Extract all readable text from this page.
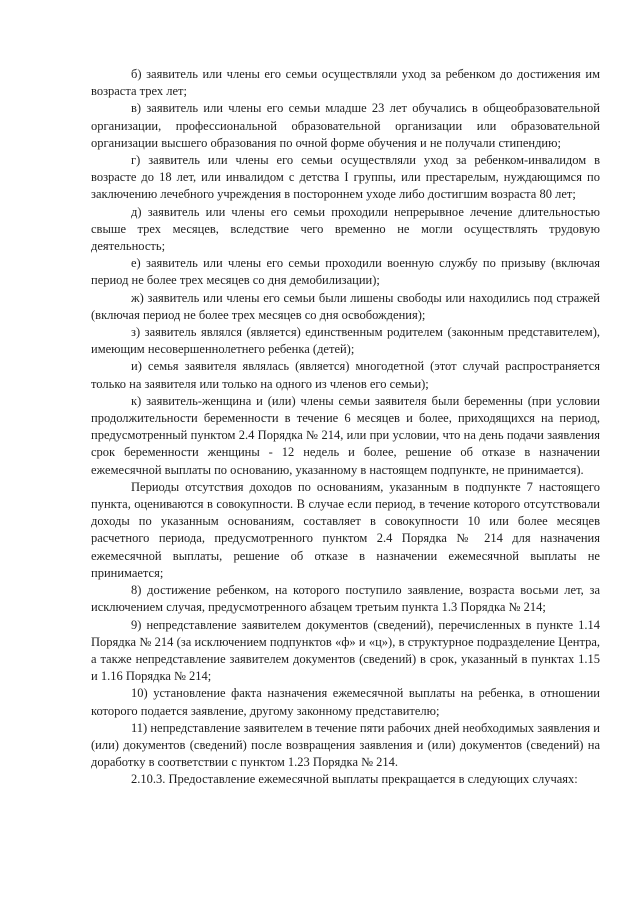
б) заявитель или члены его семьи осуществляли уход за ребенком до достижения им возраста трех лет;

в) заявитель или члены его семьи младше 23 лет обучались в общеобразовательной организации, профессиональной образовательной организации или образовательной организации высшего образования по очной форме обучения и не получали стипендию;

г) заявитель или члены его семьи осуществляли уход за ребенком-инвалидом в возрасте до 18 лет, или инвалидом с детства I группы, или престарелым, нуждающимся по заключению лечебного учреждения в постороннем уходе либо достигшим возраста 80 лет;

д) заявитель или члены его семьи проходили непрерывное лечение длительностью свыше трех месяцев, вследствие чего временно не могли осуществлять трудовую деятельность;

е) заявитель или члены его семьи проходили военную службу по призыву (включая период не более трех месяцев со дня демобилизации);

ж) заявитель или члены его семьи были лишены свободы или находились под стражей (включая период не более трех месяцев со дня освобождения);

з) заявитель являлся (является) единственным родителем (законным представителем), имеющим несовершеннолетнего ребенка (детей);

и) семья заявителя являлась (является) многодетной (этот случай распространяется только на заявителя или только на одного из членов его семьи);

к) заявитель-женщина и (или) члены семьи заявителя были беременны (при условии продолжительности беременности в течение 6 месяцев и более, приходящихся на период, предусмотренный пунктом 2.4 Порядка № 214, или при условии, что на день подачи заявления срок беременности женщины - 12 недель и более, решение об отказе в назначении ежемесячной выплаты по основанию, указанному в настоящем подпункте, не принимается).

Периоды отсутствия доходов по основаниям, указанным в подпункте 7 настоящего пункта, оцениваются в совокупности. В случае если период, в течение которого отсутствовали доходы по указанным основаниям, составляет в совокупности 10 или более месяцев расчетного периода, предусмотренного пунктом 2.4 Порядка № 214 для назначения ежемесячной выплаты, решение об отказе в назначении ежемесячной выплаты не принимается;

8) достижение ребенком, на которого поступило заявление, возраста восьми лет, за исключением случая, предусмотренного абзацем третьим пункта 1.3 Порядка № 214;

9) непредставление заявителем документов (сведений), перечисленных в пункте 1.14 Порядка № 214 (за исключением подпунктов «ф» и «ц»), в структурное подразделение Центра, а также непредставление заявителем документов (сведений) в срок, указанный в пунктах 1.15 и 1.16 Порядка № 214;

10) установление факта назначения ежемесячной выплаты на ребенка, в отношении которого подается заявление, другому законному представителю;

11) непредставление заявителем в течение пяти рабочих дней необходимых заявления и (или) документов (сведений) после возвращения заявления и (или) документов (сведений) на доработку в соответствии с пунктом 1.23 Порядка № 214.

2.10.3. Предоставление ежемесячной выплаты прекращается в следующих случаях:
